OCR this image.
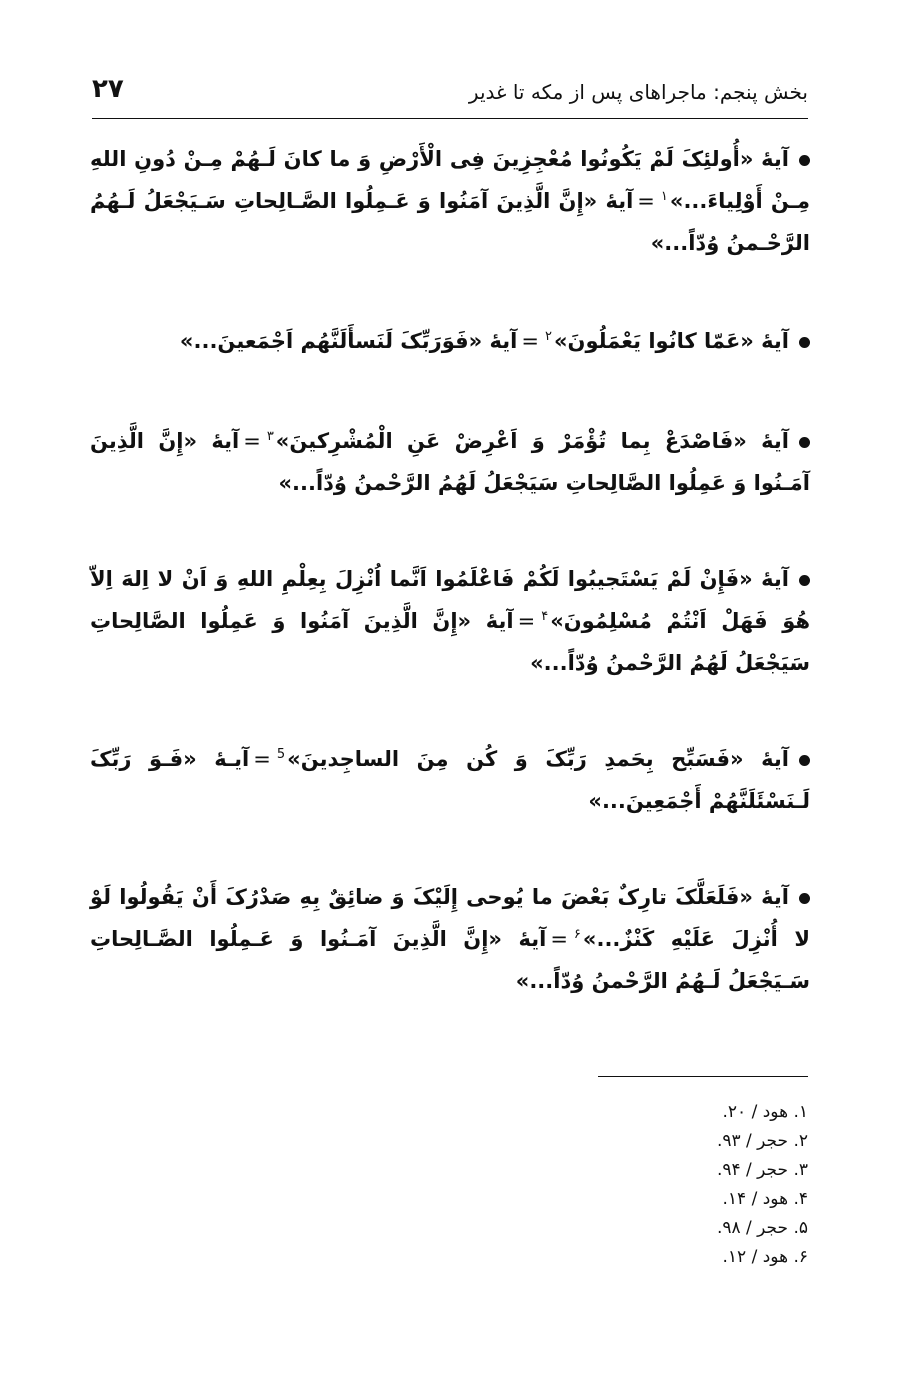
بخش پنجم: ماجراهای پس از مکه تا غدیر
۲۷

آیهٔ «أُولئِکَ لَمْ یَکُونُوا مُعْجِزِینَ فِی الْأَرْضِ وَ ما کانَ لَـهُمْ مِـنْ دُونِ اللهِ مِـنْ أَوْلِیاءَ...»$^۱$=آیهٔ «إِنَّ الَّذِینَ آمَنُوا وَ عَـمِلُوا الصَّـالِحاتِ سَـیَجْعَلُ لَـهُمُ الرَّحْـمنُ وُدّاً...»

آیهٔ «عَمّا کانُوا یَعْمَلُونَ»$^۲$=آیهٔ «فَوَرَبِّکَ لَنَسأَلَنَّهُم اَجْمَعینَ...»

آیهٔ «فَاصْدَعْ بِما تُؤْمَرْ وَ اَعْرِضْ عَنِ الْمُشْرِکینَ»$^۳$=آیهٔ «إِنَّ الَّذِینَ آمَـنُوا وَ عَمِلُوا الصَّالِحاتِ سَیَجْعَلُ لَهُمُ الرَّحْمنُ وُدّاً...»

آیهٔ «فَإِنْ لَمْ یَسْتَجیبُوا لَکُمْ فَاعْلَمُوا اَنَّما اُنْزِلَ بِعِلْمِ اللهِ وَ اَنْ لا اِلهَ اِلاّ هُوَ فَهَلْ اَنْتُمْ مُسْلِمُونَ»$^۴$=آیهٔ «إِنَّ الَّذِینَ آمَنُوا وَ عَمِلُوا الصَّالِحاتِ سَیَجْعَلُ لَهُمُ الرَّحْمنُ وُدّاً...»

آیهٔ «فَسَبِّح بِحَمدِ رَبِّکَ وَ کُن مِنَ الساجِدینَ»$^5$=آیـهٔ «فَـوَ رَبِّکَ لَـنَسْئَلَنَّهُمْ أَجْمَعِینَ...»

آیهٔ «فَلَعَلَّکَ تارِکٌ بَعْضَ ما یُوحی إِلَیْکَ وَ ضائِقٌ بِهِ صَدْرُکَ أَنْ یَقُولُوا لَوْ لا أُنْزِلَ عَلَیْهِ کَنْزٌ...»$^۶$=آیهٔ «إِنَّ الَّذِینَ آمَـنُوا وَ عَـمِلُوا الصَّـالِحاتِ سَـیَجْعَلُ لَـهُمُ الرَّحْمنُ وُدّاً...»

۱. هود / ۲۰.
۲. حجر / ۹۳.
۳. حجر / ۹۴.
۴. هود / ۱۴.
۵. حجر / ۹۸.
۶. هود / ۱۲.
